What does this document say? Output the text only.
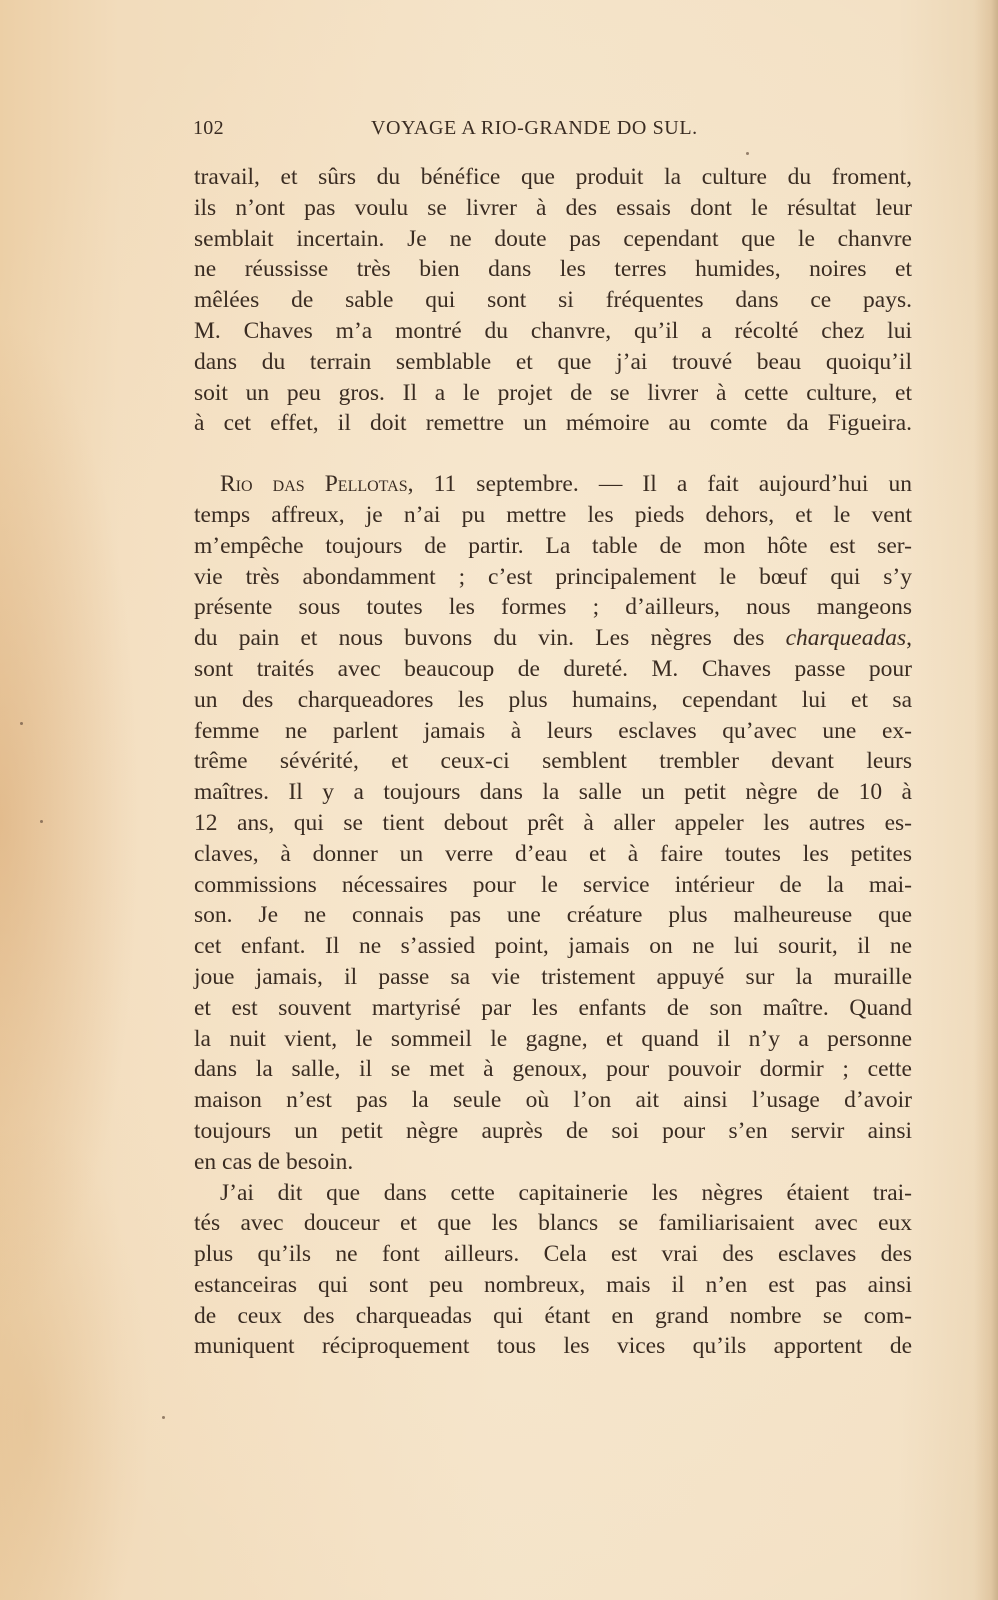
102	VOYAGE A RIO-GRANDE DO SUL.
travail, et sûrs du bénéfice que produit la culture du froment,
ils n’ont pas voulu se livrer à des essais dont le résultat leur
semblait incertain. Je ne doute pas cependant que le chanvre
ne réussisse très bien dans les terres humides, noires et
mêlées de sable qui sont si fréquentes dans ce pays.
M. Chaves m’a montré du chanvre, qu’il a récolté chez lui
dans du terrain semblable et que j’ai trouvé beau quoiqu’il
soit un peu gros. Il a le projet de se livrer à cette culture, et
à cet effet, il doit remettre un mémoire au comte da Figueira.
Rio das Pellotas, 11 septembre. — Il a fait aujourd’hui un
temps affreux, je n’ai pu mettre les pieds dehors, et le vent
m’empêche toujours de partir. La table de mon hôte est ser-
vie très abondamment ; c’est principalement le bœuf qui s’y
présente sous toutes les formes ; d’ailleurs, nous mangeons
du pain et nous buvons du vin. Les nègres des charqueadas,
sont traités avec beaucoup de dureté. M. Chaves passe pour
un des charqueadores les plus humains, cependant lui et sa
femme ne parlent jamais à leurs esclaves qu’avec une ex-
trême sévérité, et ceux-ci semblent trembler devant leurs
maîtres. Il y a toujours dans la salle un petit nègre de 10 à
12 ans, qui se tient debout prêt à aller appeler les autres es-
claves, à donner un verre d’eau et à faire toutes les petites
commissions nécessaires pour le service intérieur de la mai-
son. Je ne connais pas une créature plus malheureuse que
cet enfant. Il ne s’assied point, jamais on ne lui sourit, il ne
joue jamais, il passe sa vie tristement appuyé sur la muraille
et est souvent martyrisé par les enfants de son maître. Quand
la nuit vient, le sommeil le gagne, et quand il n’y a personne
dans la salle, il se met à genoux, pour pouvoir dormir ; cette
maison n’est pas la seule où l’on ait ainsi l’usage d’avoir
toujours un petit nègre auprès de soi pour s’en servir ainsi
en cas de besoin.
J’ai dit que dans cette capitainerie les nègres étaient trai-
tés avec douceur et que les blancs se familiarisaient avec eux
plus qu’ils ne font ailleurs. Cela est vrai des esclaves des
estanceiras qui sont peu nombreux, mais il n’en est pas ainsi
de ceux des charqueadas qui étant en grand nombre se com-
muniquent réciproquement tous les vices qu’ils apportent de
